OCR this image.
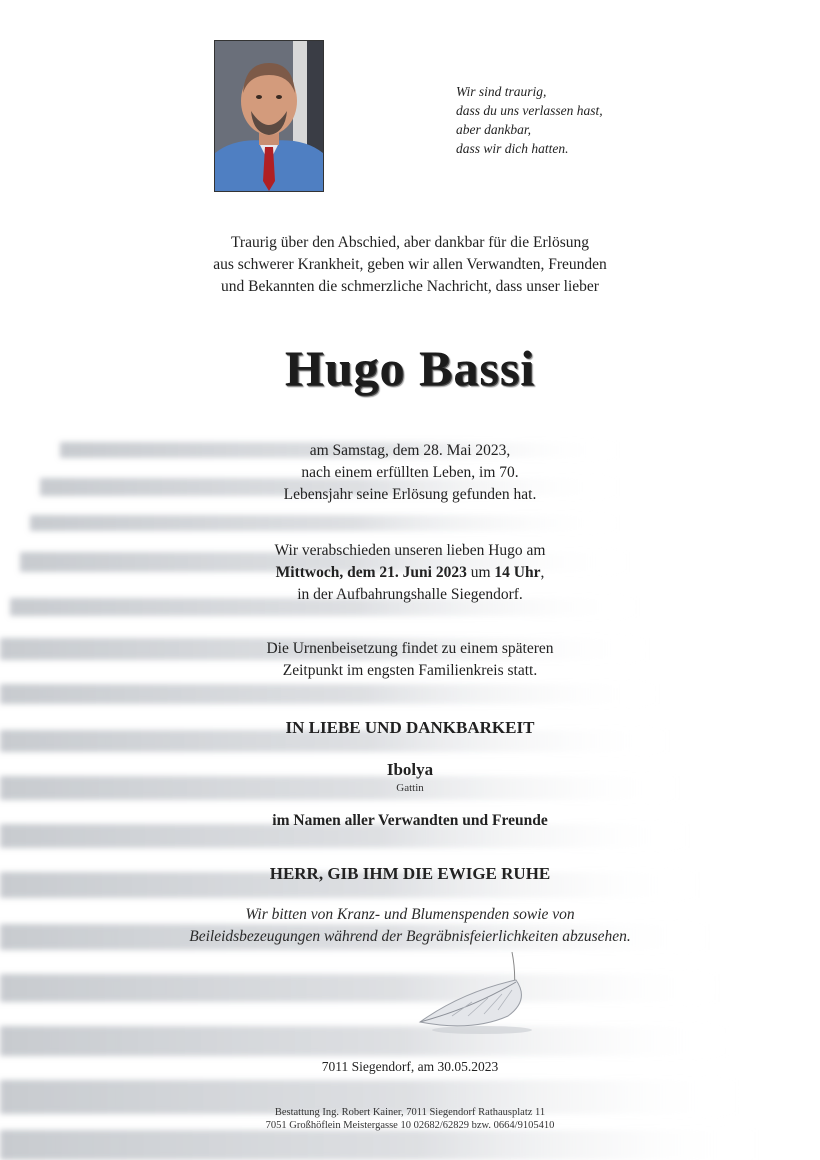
Wir sind traurig,
dass du uns verlassen hast,
aber dankbar,
dass wir dich hatten.
Traurig über den Abschied, aber dankbar für die Erlösung
aus schwerer Krankheit, geben wir allen Verwandten, Freunden
und Bekannten die schmerzliche Nachricht, dass unser lieber
Hugo Bassi
am Samstag, dem 28. Mai 2023,
nach einem erfüllten Leben, im 70.
Lebensjahr seine Erlösung gefunden hat.
Wir verabschieden unseren lieben Hugo am
Mittwoch, dem 21. Juni 2023 um 14 Uhr,
in der Aufbahrungshalle Siegendorf.
Die Urnenbeisetzung findet zu einem späteren
Zeitpunkt im engsten Familienkreis statt.
IN LIEBE UND DANKBARKEIT
Ibolya
Gattin
im Namen aller Verwandten und Freunde
HERR, GIB IHM DIE EWIGE RUHE
Wir bitten von Kranz- und Blumenspenden sowie von
Beileidsbezeugungen während der Begräbnisfeierlichkeiten abzusehen.
7011 Siegendorf, am 30.05.2023
Bestattung Ing. Robert Kainer, 7011 Siegendorf Rathausplatz 11
7051 Großhöflein Meistergasse 10 02682/62829 bzw. 0664/9105410
